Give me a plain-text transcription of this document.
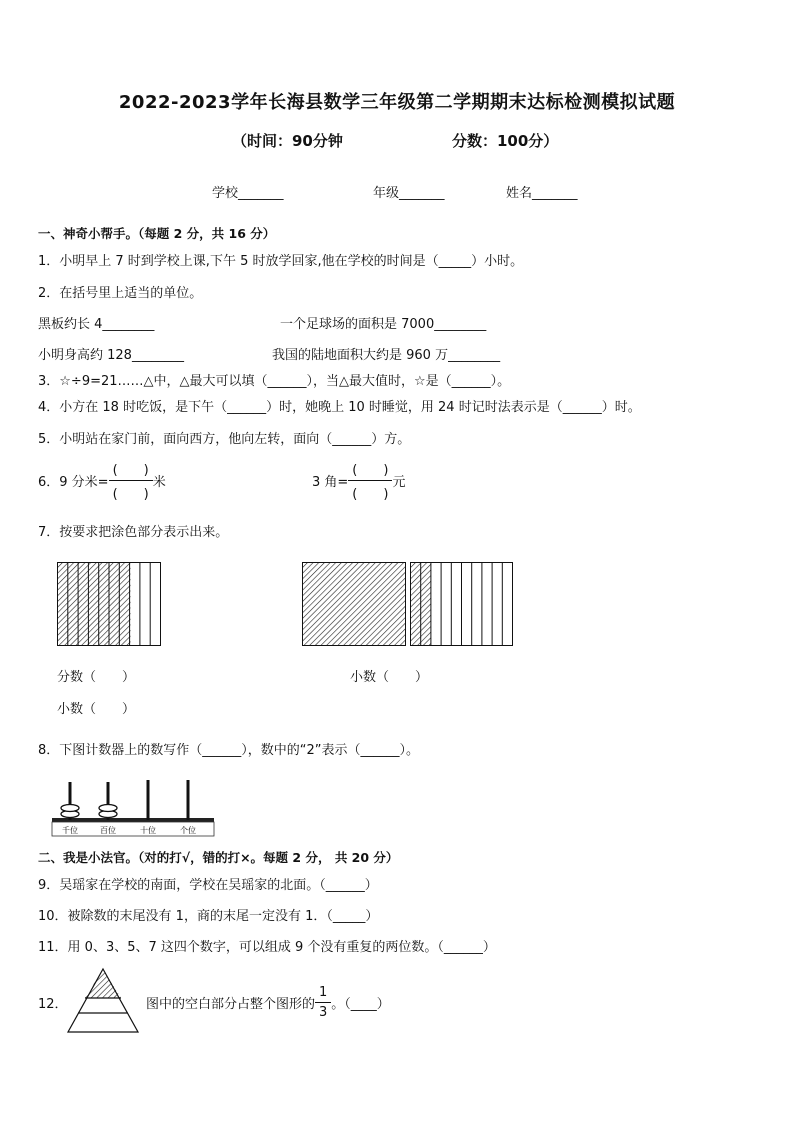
2022-2023学年长海县数学三年级第二学期期末达标检测模拟试题
（时间：90分钟	分数：100分）
学校_______	年级_______	姓名_______
一、神奇小帮手。（每题 2 分，共 16 分）
1．小明早上 7 时到学校上课,下午 5 时放学回家,他在学校的时间是（_____）小时。
2．在括号里上适当的单位。
黑板约长 4________	一个足球场的面积是 7000________
小明身高约 128________	我国的陆地面积大约是 960 万________
3．☆÷9=21……△中，△最大可以填（______），当△最大值时，☆是（______）。
4．小方在 18 时吃饭，是下午（______）时，她晚上 10 时睡觉，用 24 时记时法表示是（______）时。
5．小明站在家门前，面向西方，他向左转，面向（______）方。
6．9 分米= $\frac{( )}{( )}$ 米	3 角= $\frac{( )}{( )}$ 元
7．按要求把涂色部分表示出来。
分数（　　）
小数（　　）
小数（　　）
8．下图计数器上的数写作（______），数中的“2”表示（______）。
千位	百位	十位	个位
二、我是小法官。（对的打√，错的打×。每题 2 分， 共 20 分）
9．吴瑶家在学校的南面，学校在吴瑶家的北面。（______）
10．被除数的末尾没有 1，商的末尾一定没有 1．（_____）
11．用 0、3、5、7 这四个数字，可以组成 9 个没有重复的两位数。（______）
12．	图中的空白部分占整个图形的 $\frac{1}{3}$ 。（____）
